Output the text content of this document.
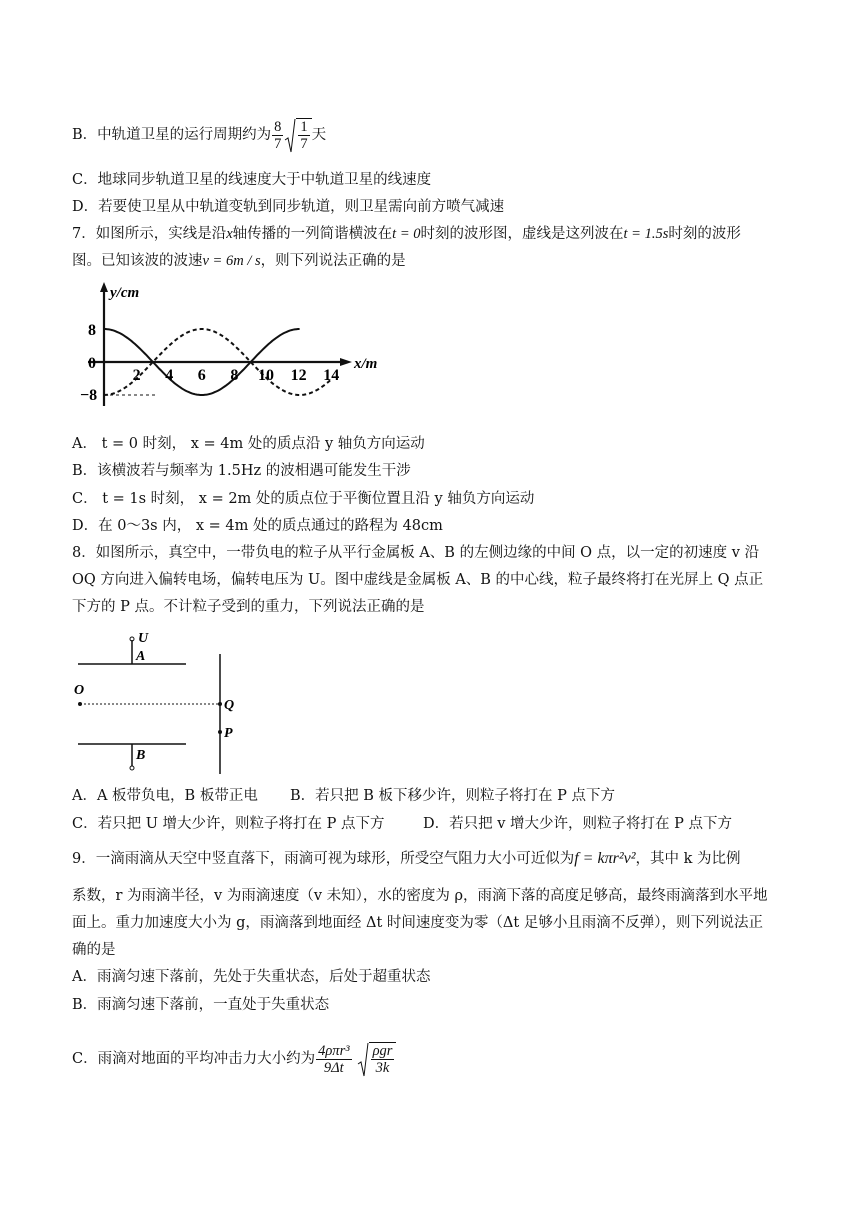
B．中轨道卫星的运行周期约为 $\frac{8}{7} \frac{1}{7}$ 天
C．地球同步轨道卫星的线速度大于中轨道卫星的线速度
D．若要使卫星从中轨道变轨到同步轨道，则卫星需向前方喷气减速
7．如图所示，实线是沿x轴传播的一列简谐横波在t = 0时刻的波形图，虚线是这列波在t = 1.5s时刻的波形
图。已知该波的波速v = 6m / s，则下列说法正确的是
y/cm
x/m
8
0
−8
2 4 6 8 10 12 14
A． t = 0 时刻， x = 4m 处的质点沿 y 轴负方向运动
B．该横波若与频率为 1.5Hz 的波相遇可能发生干涉
C． t = 1s 时刻， x = 2m 处的质点位于平衡位置且沿 y 轴负方向运动
D．在 0～3s 内， x = 4m 处的质点通过的路程为 48cm
8．如图所示，真空中，一带负电的粒子从平行金属板 A、B 的左侧边缘的中间 O 点，以一定的初速度 v 沿
OQ 方向进入偏转电场，偏转电压为 U。图中虚线是金属板 A、B 的中心线，粒子最终将打在光屏上 Q 点正
下方的 P 点。不计粒子受到的重力，下列说法正确的是
U
A
O
Q
P
B
A．A 板带负电，B 板带正电 B．若只把 B 板下移少许，则粒子将打在 P 点下方
C．若只把 U 增大少许，则粒子将打在 P 点下方	D．若只把 v 增大少许，则粒子将打在 P 点下方
9．一滴雨滴从天空中竖直落下，雨滴可视为球形，所受空气阻力大小可近似为f = kπr²v²，其中 k 为比例
系数，r 为雨滴半径，v 为雨滴速度（v 未知），水的密度为 ρ，雨滴下落的高度足够高，最终雨滴落到水平地
面上。重力加速度大小为 g，雨滴落到地面经 Δt 时间速度变为零（Δt 足够小且雨滴不反弹），则下列说法正
确的是
A．雨滴匀速下落前，先处于失重状态，后处于超重状态
B．雨滴匀速下落前，一直处于失重状态
C．雨滴对地面的平均冲击力大小约为 $\frac{\text{4ρπr³}}{9\Delta t} \frac{\text{ρgr}}{3k}$
